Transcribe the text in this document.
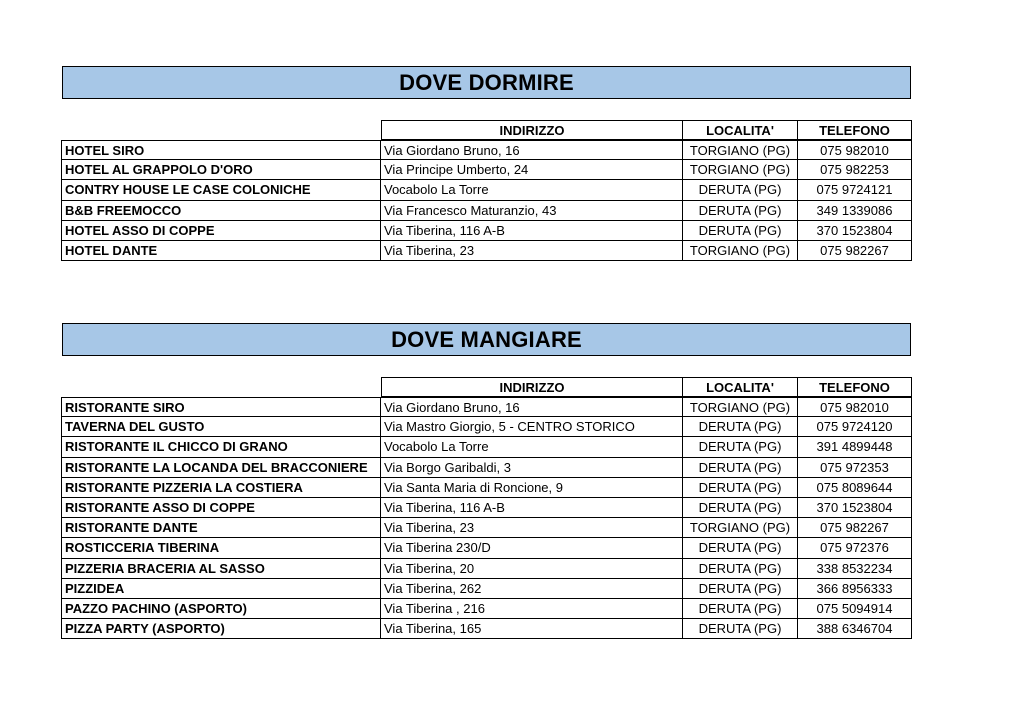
DOVE DORMIRE
INDIRIZZO	LOCALITA'	TELEFONO
HOTEL SIRO	Via Giordano Bruno, 16	TORGIANO (PG)	075 982010
HOTEL AL GRAPPOLO D'ORO	Via Principe Umberto, 24	TORGIANO (PG)	075 982253
CONTRY HOUSE LE CASE COLONICHE	Vocabolo La Torre	DERUTA (PG)	075 9724121
B&B FREEMOCCO	Via Francesco Maturanzio, 43	DERUTA (PG)	349 1339086
HOTEL ASSO DI COPPE	Via Tiberina, 116 A-B	DERUTA (PG)	370 1523804
HOTEL DANTE	Via Tiberina, 23	TORGIANO (PG)	075 982267
DOVE MANGIARE
INDIRIZZO	LOCALITA'	TELEFONO
RISTORANTE SIRO	Via Giordano Bruno, 16	TORGIANO (PG)	075 982010
TAVERNA DEL GUSTO	Via Mastro Giorgio, 5 - CENTRO STORICO	DERUTA (PG)	075 9724120
RISTORANTE IL CHICCO DI GRANO	Vocabolo La Torre	DERUTA (PG)	391 4899448
RISTORANTE LA LOCANDA DEL BRACCONIERE	Via Borgo Garibaldi, 3	DERUTA (PG)	075 972353
RISTORANTE PIZZERIA LA COSTIERA	Via Santa Maria di Roncione, 9	DERUTA (PG)	075 8089644
RISTORANTE ASSO DI COPPE	Via Tiberina, 116 A-B	DERUTA (PG)	370 1523804
RISTORANTE DANTE	Via Tiberina, 23	TORGIANO (PG)	075 982267
ROSTICCERIA TIBERINA	Via Tiberina 230/D	DERUTA (PG)	075 972376
PIZZERIA BRACERIA AL SASSO	Via Tiberina, 20	DERUTA (PG)	338 8532234
PIZZIDEA	Via Tiberina, 262	DERUTA (PG)	366 8956333
PAZZO PACHINO (ASPORTO)	Via Tiberina , 216	DERUTA (PG)	075 5094914
PIZZA PARTY (ASPORTO)	Via Tiberina, 165	DERUTA (PG)	388 6346704
